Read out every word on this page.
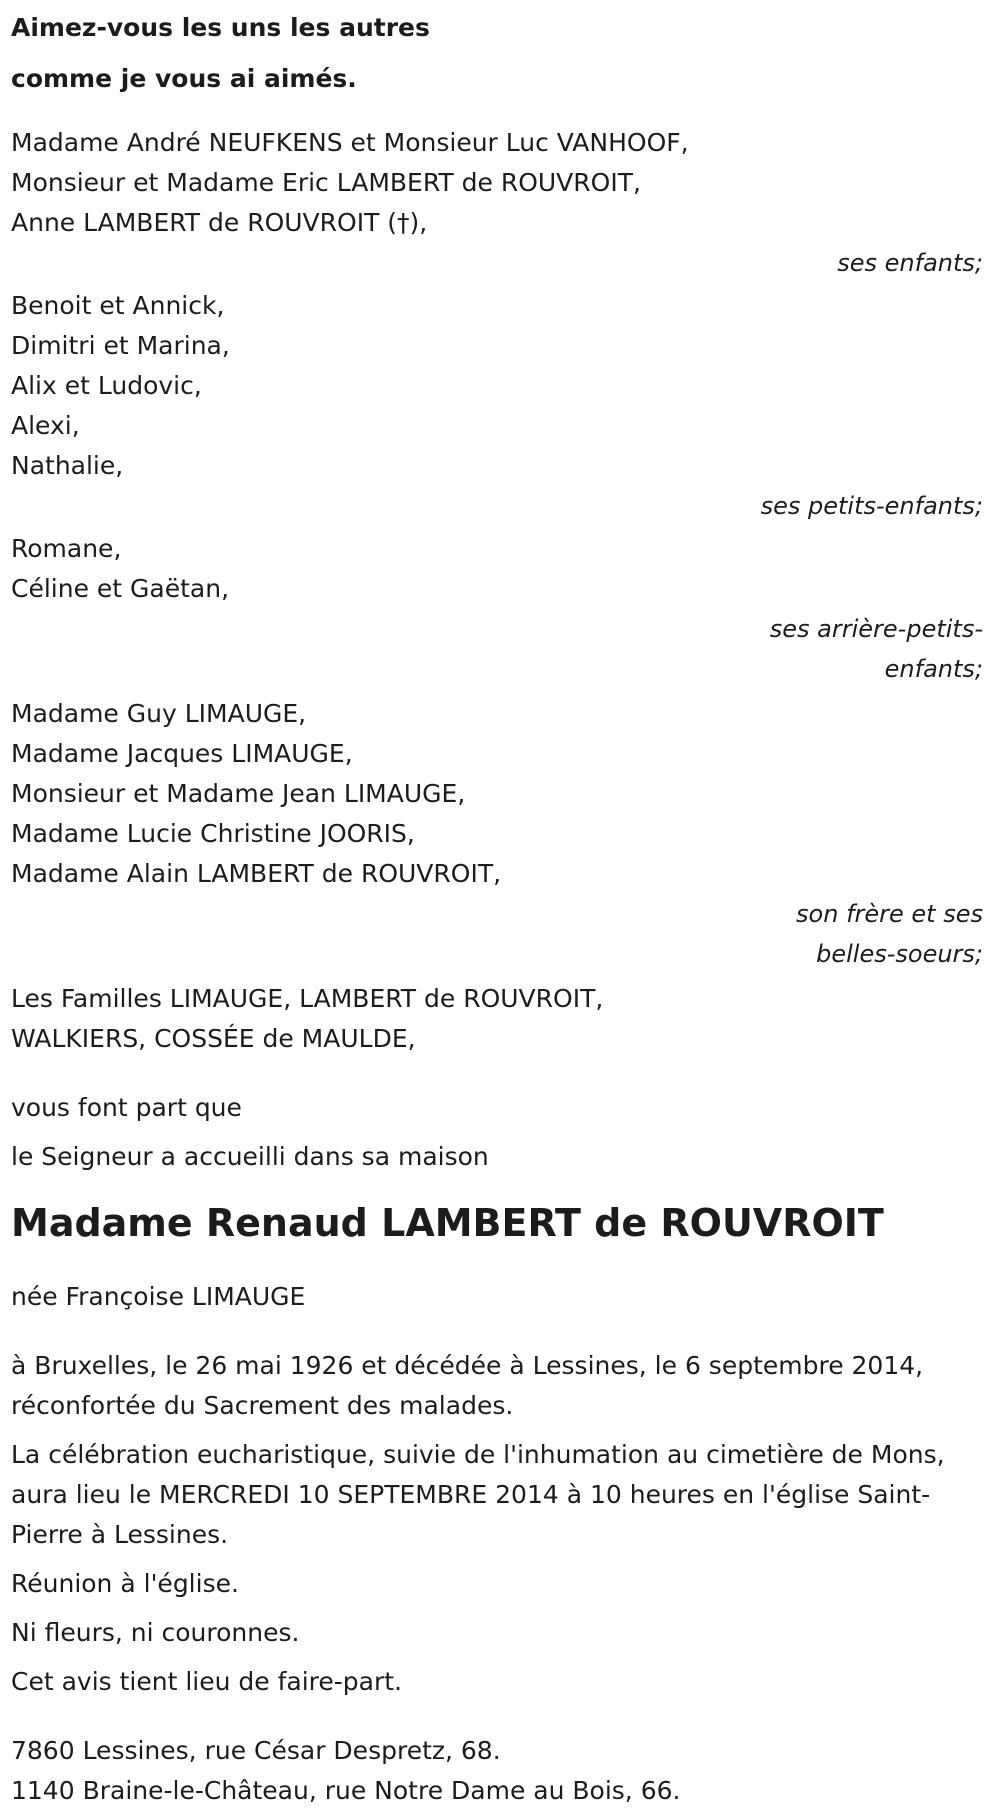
Aimez-vous les uns les autres
comme je vous ai aimés.

Madame André NEUFKENS et Monsieur Luc VANHOOF,
Monsieur et Madame Eric LAMBERT de ROUVROIT,
Anne LAMBERT de ROUVROIT (†),
ses enfants;
Benoit et Annick,
Dimitri et Marina,
Alix et Ludovic,
Alexi,
Nathalie,
ses petits-enfants;
Romane,
Céline et Gaëtan,
ses arrière-petits-enfants;
Madame Guy LIMAUGE,
Madame Jacques LIMAUGE,
Monsieur et Madame Jean LIMAUGE,
Madame Lucie Christine JOORIS,
Madame Alain LAMBERT de ROUVROIT,
son frère et ses belles-soeurs;
Les Familles LIMAUGE, LAMBERT de ROUVROIT,
WALKIERS, COSSÉE de MAULDE,

vous font part que

le Seigneur a accueilli dans sa maison

Madame Renaud LAMBERT de ROUVROIT

née Françoise LIMAUGE

à Bruxelles, le 26 mai 1926 et décédée à Lessines, le 6 septembre 2014, réconfortée du Sacrement des malades.

La célébration eucharistique, suivie de l'inhumation au cimetière de Mons, aura lieu le MERCREDI 10 SEPTEMBRE 2014 à 10 heures en l'église Saint-Pierre à Lessines.

Réunion à l'église.

Ni fleurs, ni couronnes.

Cet avis tient lieu de faire-part.

7860 Lessines, rue César Despretz, 68.
1140 Braine-le-Château, rue Notre Dame au Bois, 66.
